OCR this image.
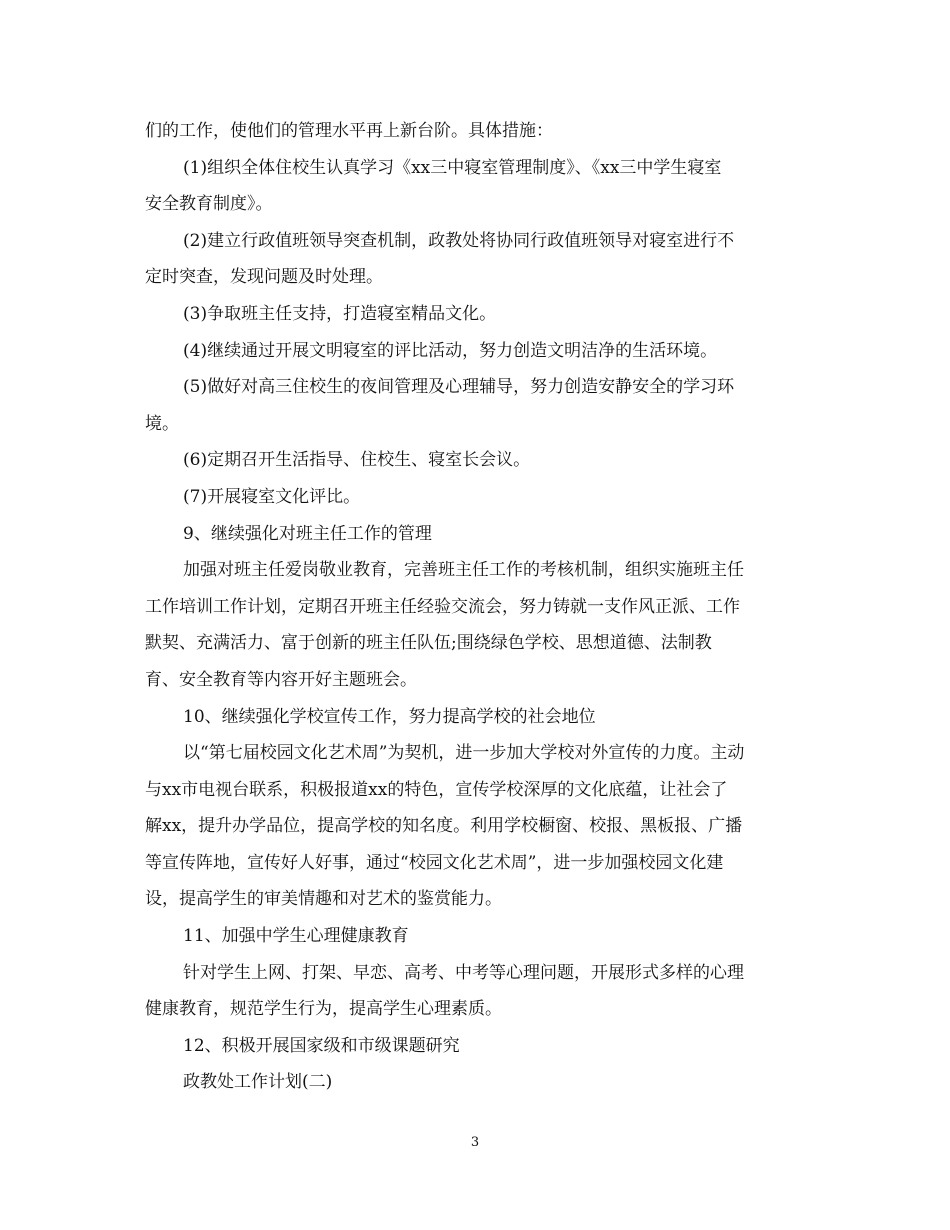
们的工作，使他们的管理水平再上新台阶。具体措施：
(1)组织全体住校生认真学习《xx三中寝室管理制度》、《xx三中学生寝室
安全教育制度》。
(2)建立行政值班领导突查机制，政教处将协同行政值班领导对寝室进行不
定时突查，发现问题及时处理。
(3)争取班主任支持，打造寝室精品文化。
(4)继续通过开展文明寝室的评比活动，努力创造文明洁净的生活环境。
(5)做好对高三住校生的夜间管理及心理辅导，努力创造安静安全的学习环
境。
(6)定期召开生活指导、住校生、寝室长会议。
(7)开展寝室文化评比。
9、继续强化对班主任工作的管理
加强对班主任爱岗敬业教育，完善班主任工作的考核机制，组织实施班主任
工作培训工作计划，定期召开班主任经验交流会，努力铸就一支作风正派、工作
默契、充满活力、富于创新的班主任队伍;围绕绿色学校、思想道德、法制教
育、安全教育等内容开好主题班会。
10、继续强化学校宣传工作，努力提高学校的社会地位
以“第七届校园文化艺术周”为契机，进一步加大学校对外宣传的力度。主动
与xx市电视台联系，积极报道xx的特色，宣传学校深厚的文化底蕴，让社会了
解xx，提升办学品位，提高学校的知名度。利用学校橱窗、校报、黑板报、广播
等宣传阵地，宣传好人好事，通过“校园文化艺术周”，进一步加强校园文化建
设，提高学生的审美情趣和对艺术的鉴赏能力。
11、加强中学生心理健康教育
针对学生上网、打架、早恋、高考、中考等心理问题，开展形式多样的心理
健康教育，规范学生行为，提高学生心理素质。
12、积极开展国家级和市级课题研究
政教处工作计划(二)
3
